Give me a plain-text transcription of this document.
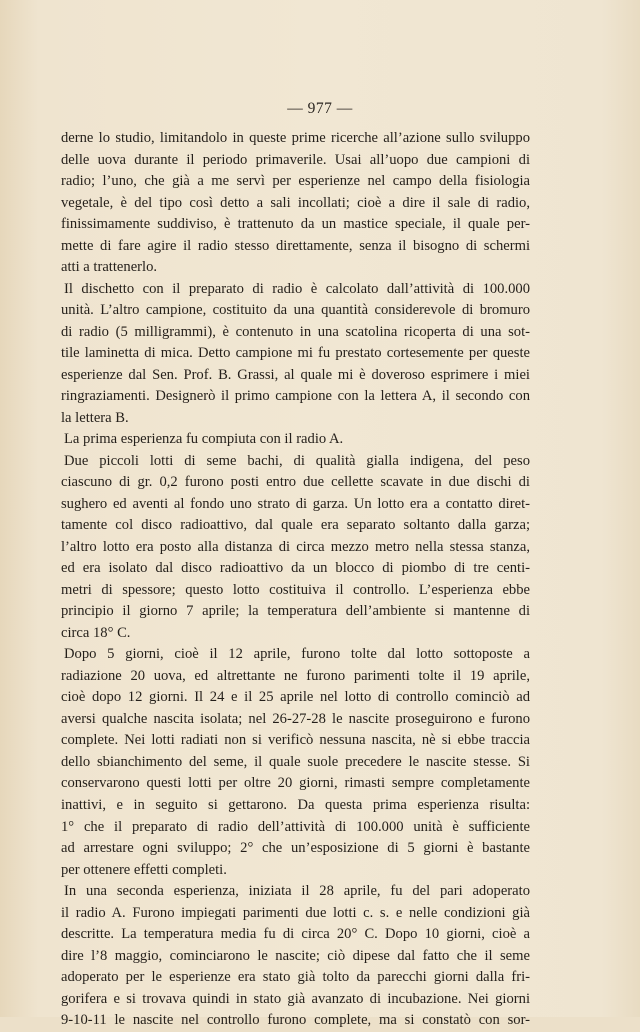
— 977 —
derne lo studio, limitandolo in queste prime ricerche all’azione sullo sviluppo
delle uova durante il periodo primaverile. Usai all’uopo due campioni di
radio; l’uno, che già a me servì per esperienze nel campo della fisiologia
vegetale, è del tipo così detto a sali incollati; cioè a dire il sale di radio,
finissimamente suddiviso, è trattenuto da un mastice speciale, il quale per-
mette di fare agire il radio stesso direttamente, senza il bisogno di schermi
atti a trattenerlo.
Il dischetto con il preparato di radio è calcolato dall’attività di 100.000
unità. L’altro campione, costituito da una quantità considerevole di bromuro
di radio (5 milligrammi), è contenuto in una scatolina ricoperta di una sot-
tile laminetta di mica. Detto campione mi fu prestato cortesemente per queste
esperienze dal Sen. Prof. B. Grassi, al quale mi è doveroso esprimere i miei
ringraziamenti. Designerò il primo campione con la lettera A, il secondo con
la lettera B.
La prima esperienza fu compiuta con il radio A.
Due piccoli lotti di seme bachi, di qualità gialla indigena, del peso
ciascuno di gr. 0,2 furono posti entro due cellette scavate in due dischi di
sughero ed aventi al fondo uno strato di garza. Un lotto era a contatto diret-
tamente col disco radioattivo, dal quale era separato soltanto dalla garza;
l’altro lotto era posto alla distanza di circa mezzo metro nella stessa stanza,
ed era isolato dal disco radioattivo da un blocco di piombo di tre centi-
metri di spessore; questo lotto costituiva il controllo. L’esperienza ebbe
principio il giorno 7 aprile; la temperatura dell’ambiente si mantenne di
circa 18° C.
Dopo 5 giorni, cioè il 12 aprile, furono tolte dal lotto sottoposte a
radiazione 20 uova, ed altrettante ne furono parimenti tolte il 19 aprile,
cioè dopo 12 giorni. Il 24 e il 25 aprile nel lotto di controllo cominciò ad
aversi qualche nascita isolata; nel 26-27-28 le nascite proseguirono e furono
complete. Nei lotti radiati non si verificò nessuna nascita, nè si ebbe traccia
dello sbianchimento del seme, il quale suole precedere le nascite stesse. Si
conservarono questi lotti per oltre 20 giorni, rimasti sempre completamente
inattivi, e in seguito si gettarono. Da questa prima esperienza risulta:
1° che il preparato di radio dell’attività di 100.000 unità è sufficiente
ad arrestare ogni sviluppo; 2° che un’esposizione di 5 giorni è bastante
per ottenere effetti completi.
In una seconda esperienza, iniziata il 28 aprile, fu del pari adoperato
il radio A. Furono impiegati parimenti due lotti c. s. e nelle condizioni già
descritte. La temperatura media fu di circa 20° C. Dopo 10 giorni, cioè a
dire l’8 maggio, cominciarono le nascite; ciò dipese dal fatto che il seme
adoperato per le esperienze era stato già tolto da parecchi giorni dalla fri-
gorifera e si trovava quindi in stato già avanzato di incubazione. Nei giorni
9-10-11 le nascite nel controllo furono complete, ma si constatò con sor-
